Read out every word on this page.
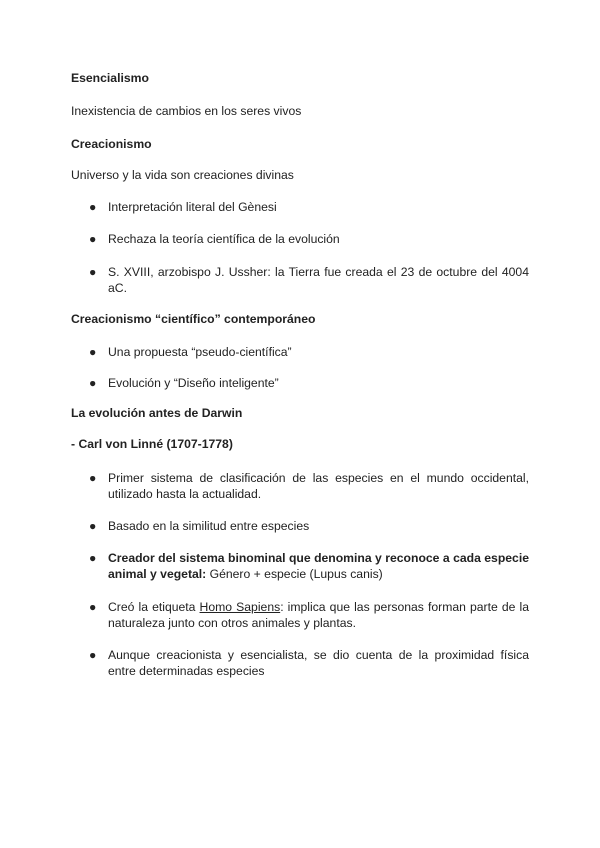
Esencialismo
Inexistencia de cambios en los seres vivos
Creacionismo
Universo y la vida son creaciones divinas
● Interpretación literal del Gènesi
● Rechaza la teoría científica de la evolución
● S. XVIII, arzobispo J. Ussher: la Tierra fue creada el 23 de octubre del 4004 aC.
Creacionismo “científico” contemporáneo
● Una propuesta “pseudo-científica”
● Evolución y “Diseño inteligente”
La evolución antes de Darwin
- Carl von Linné (1707-1778)
● Primer sistema de clasificación de las especies en el mundo occidental, utilizado hasta la actualidad.
● Basado en la similitud entre especies
● Creador del sistema binominal que denomina y reconoce a cada especie animal y vegetal: Género + especie (Lupus canis)
● Creó la etiqueta Homo Sapiens: implica que las personas forman parte de la naturaleza junto con otros animales y plantas.
● Aunque creacionista y esencialista, se dio cuenta de la proximidad física entre determinadas especies
